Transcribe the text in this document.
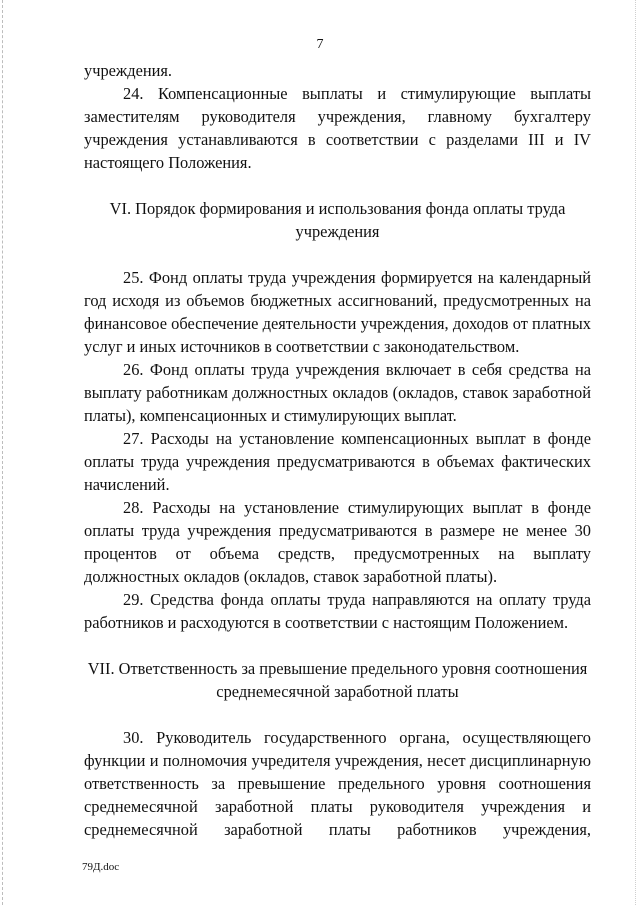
7

учреждения.

24. Компенсационные выплаты и стимулирующие выплаты заместителям руководителя учреждения, главному бухгалтеру учреждения устанавливаются в соответствии с разделами III и IV настоящего Положения.

VI. Порядок формирования и использования фонда оплаты труда
учреждения

25. Фонд оплаты труда учреждения формируется на календарный год исходя из объемов бюджетных ассигнований, предусмотренных на финансовое обеспечение деятельности учреждения, доходов от платных услуг и иных источников в соответствии с законодательством.

26. Фонд оплаты труда учреждения включает в себя средства на выплату работникам должностных окладов (окладов, ставок заработной платы), компенсационных и стимулирующих выплат.

27. Расходы на установление компенсационных выплат в фонде оплаты труда учреждения предусматриваются в объемах фактических начислений.

28. Расходы на установление стимулирующих выплат в фонде оплаты труда учреждения предусматриваются в размере не менее 30 процентов от объема средств, предусмотренных на выплату должностных окладов (окладов, ставок заработной платы).

29. Средства фонда оплаты труда направляются на оплату труда работников и расходуются в соответствии с настоящим Положением.

VII. Ответственность за превышение предельного уровня соотношения
среднемесячной заработной платы

30. Руководитель государственного органа, осуществляющего функции и полномочия учредителя учреждения, несет дисциплинарную ответственность за превышение предельного уровня соотношения среднемесячной заработной платы руководителя учреждения и среднемесячной заработной платы работников учреждения,

79Д.doc
